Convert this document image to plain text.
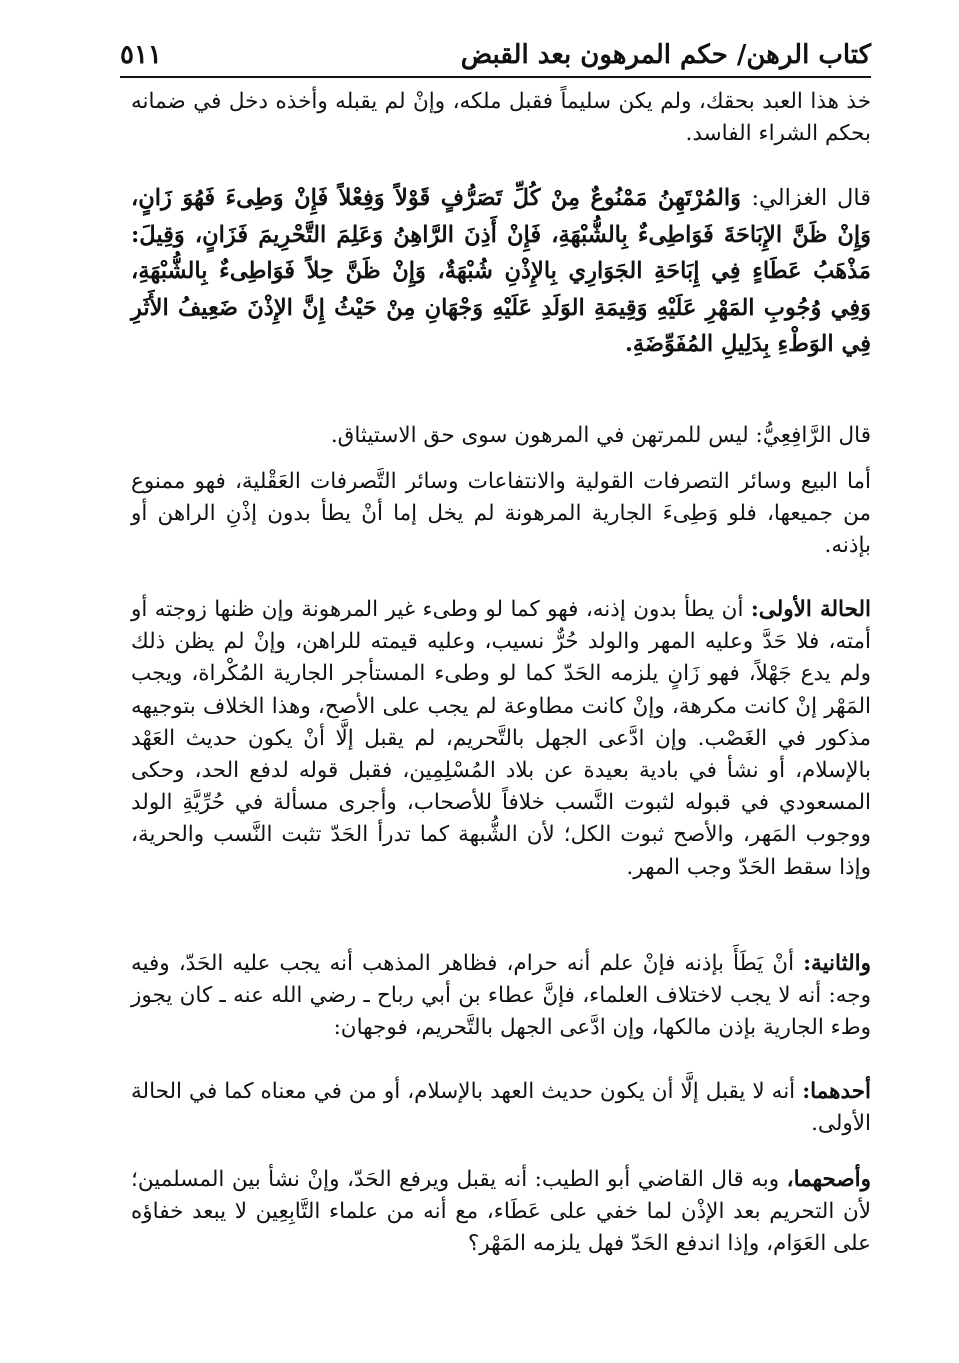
كتاب الرهن/ حكم المرهون بعد القبض
٥١١

خذ هذا العبد بحقك، ولم يكن سليماً فقبل ملكه، وإنْ لم يقبله وأخذه دخل في ضمانه بحكم الشراء الفاسد.

قال الغزالي: وَالمُرْتَهِنُ مَمْنُوعٌ مِنْ كُلِّ تَصَرُّفٍ قَوْلاً وَفِعْلاً فَإِنْ وَطِىءَ فَهُوَ زَانٍ، وَإِنْ ظَنَّ الإِبَاحَةَ فَوَاطِىءٌ بِالشُّبْهَةِ، فَإِنْ أَذِنَ الرَّاهِنُ وَعَلِمَ التَّحْرِيمَ فَزَانٍ، وَقِيلَ: مَذْهَبُ عَطَاءٍ فِي إِبَاحَةِ الجَوَارِي بِالإِذْنِ شُبْهَةٌ، وَإِنْ ظَنَّ حِلاً فَوَاطِىءٌ بِالشُّبْهَةِ، وَفِي وُجُوبِ المَهْرِ عَلَيْهِ وَقِيمَةِ الوَلَدِ عَلَيْهِ وَجْهَانِ مِنْ حَيْثُ إِنَّ الإِذْنَ ضَعِيفُ الأَثَرِ فِي الوَطْءِ بِدَلِيلِ المُفَوِّضَةِ.

قال الرَّافِعِيُّ: ليس للمرتهن في المرهون سوى حق الاستيثاق.

أما البيع وسائر التصرفات القولية والانتفاعات وسائر التَّصرفات العَقْلية، فهو ممنوع من جميعها، فلو وَطِىءَ الجارية المرهونة لم يخل إما أنْ يطأ بدون إذْنِ الراهن أو بإذنه.

الحالة الأولى: أن يطأ بدون إذنه، فهو كما لو وطىء غير المرهونة وإن ظنها زوجته أو أمته، فلا حَدَّ وعليه المهر والولد حُرٌّ نسيب، وعليه قيمته للراهن، وإنْ لم يظن ذلك ولم يدع جَهْلاً، فهو زَانٍ يلزمه الحَدّ كما لو وطىء المستأجر الجارية المُكْراة، ويجب المَهْر إنْ كانت مكرهة، وإنْ كانت مطاوعة لم يجب على الأصح، وهذا الخلاف بتوجيهه مذكور في الغَصْب. وإن ادَّعى الجهل بالتَّحريم، لم يقبل إلَّا أنْ يكون حديث العَهْد بالإسلام، أو نشأ في بادية بعيدة عن بلاد المُسْلِمِين، فقبل قوله لدفع الحد، وحكى المسعودي في قبوله لثبوت النَّسب خلافاً للأصحاب، وأجرى مسألة في حُرِّيَّةِ الولد ووجوب المَهر، والأصح ثبوت الكل؛ لأن الشُّبهة كما تدرأ الحَدّ تثبت النَّسب والحرية، وإذا سقط الحَدّ وجب المهر.

والثانية: أنْ يَطَأَ بإذنه فإنْ علم أنه حرام، فظاهر المذهب أنه يجب عليه الحَدّ، وفيه وجه: أنه لا يجب لاختلاف العلماء، فإنَّ عطاء بن أبي رباح ـ رضي الله عنه ـ كان يجوز وطء الجارية بإذن مالكها، وإن ادَّعى الجهل بالتَّحريم، فوجهان:

أحدهما: أنه لا يقبل إلَّا أن يكون حديث العهد بالإسلام، أو من في معناه كما في الحالة الأولى.

وأصحهما، وبه قال القاضي أبو الطيب: أنه يقبل ويرفع الحَدّ، وإنْ نشأ بين المسلمين؛ لأن التحريم بعد الإذْن لما خفي على عَطَاء، مع أنه من علماء التَّابِعِين لا يبعد خفاؤه على العَوَام، وإذا اندفع الحَدّ فهل يلزمه المَهْر؟
